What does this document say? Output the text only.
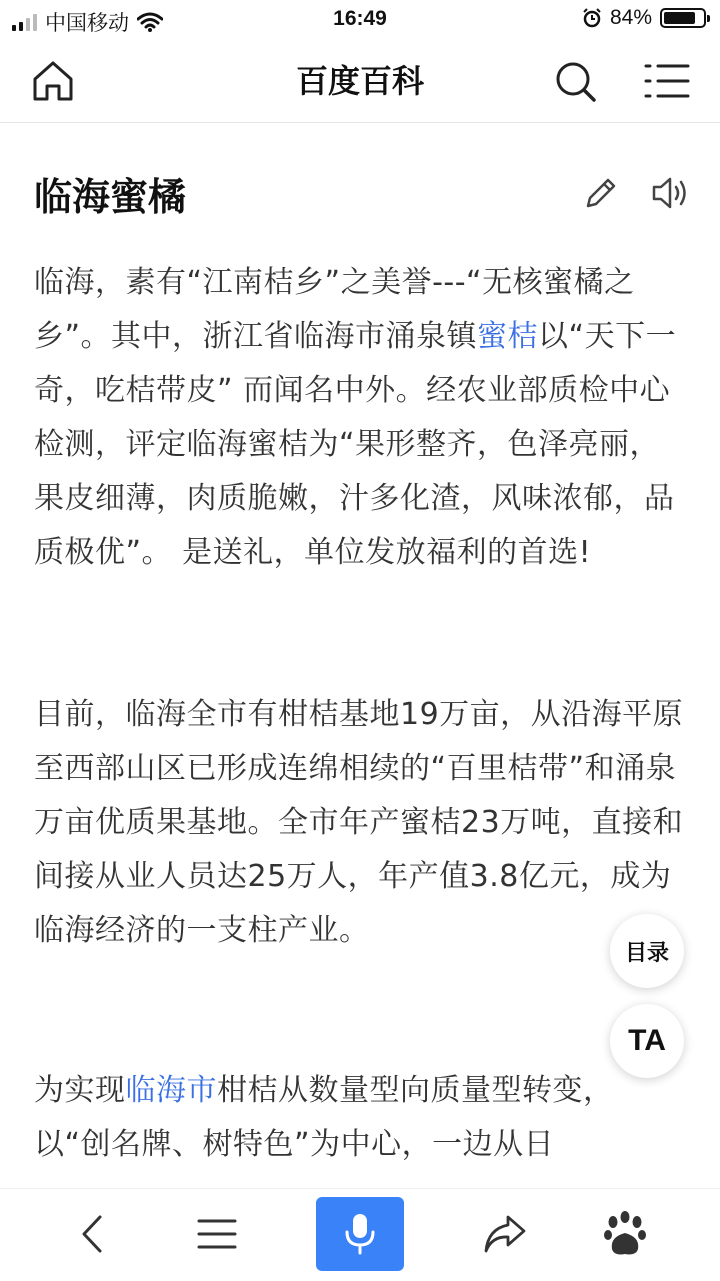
中国移动	16:49	84%
百度百科
临海蜜橘
临海，素有“江南桔乡”之美誉---“无核蜜橘之乡”。其中，浙江省临海市涌泉镇蜜桔以“天下一奇，吃桔带皮” 而闻名中外。经农业部质检中心检测，评定临海蜜桔为“果形整齐，色泽亮丽， 果皮细薄，肉质脆嫩，汁多化渣，风味浓郁，品质极优”。 是送礼，单位发放福利的首选!
目前，临海全市有柑桔基地19万亩，从沿海平原至西部山区已形成连绵相续的“百里桔带”和涌泉万亩优质果基地。全市年产蜜桔23万吨，直接和间接从业人员达25万人，年产值3.8亿元，成为临海经济的一支柱产业。
为实现临海市柑桔从数量型向质量型转变，以“创名牌、树特色”为中心，一边从日
目录
TA
